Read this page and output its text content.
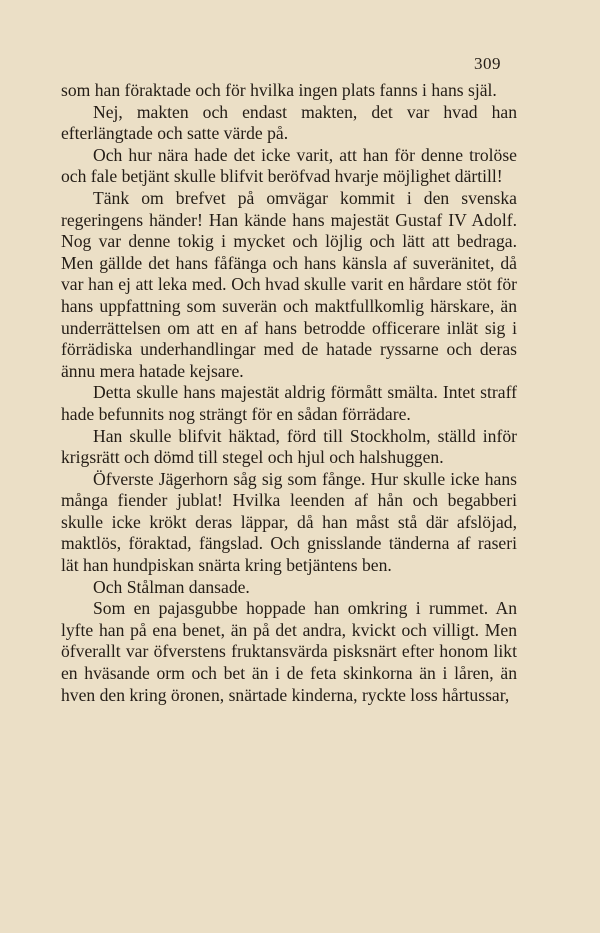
309

som han föraktade och för hvilka ingen plats fanns i hans själ.

Nej, makten och endast makten, det var hvad han efterlängtade och satte värde på.

Och hur nära hade det icke varit, att han för denne trolöse och fale betjänt skulle blifvit beröfvad hvarje möjlighet därtill!

Tänk om brefvet på omvägar kommit i den svenska regeringens händer! Han kände hans majestät Gustaf IV Adolf. Nog var denne tokig i mycket och löjlig och lätt att bedraga. Men gällde det hans fåfänga och hans känsla af suveränitet, då var han ej att leka med. Och hvad skulle varit en hårdare stöt för hans uppfattning som suverän och maktfullkomlig härskare, än underrättelsen om att en af hans betrodde officerare inlät sig i förrädiska underhandlingar med de hatade ryssarne och deras ännu mera hatade kejsare.

Detta skulle hans majestät aldrig förmått smälta. Intet straff hade befunnits nog strängt för en sådan förrädare.

Han skulle blifvit häktad, förd till Stockholm, ställd inför krigsrätt och dömd till stegel och hjul och halshuggen.

Öfverste Jägerhorn såg sig som fånge. Hur skulle icke hans många fiender jublat! Hvilka leenden af hån och begabberi skulle icke krökt deras läppar, då han måst stå där afslöjad, maktlös, föraktad, fängslad. Och gnisslande tänderna af raseri lät han hundpiskan snärta kring betjäntens ben.

Och Stålman dansade.

Som en pajasgubbe hoppade han omkring i rummet. An lyfte han på ena benet, än på det andra, kvickt och villigt. Men öfverallt var öfverstens fruktansvärda pisksnärt efter honom likt en hväsande orm och bet än i de feta skinkorna än i låren, än hven den kring öronen, snärtade kinderna, ryckte loss hårtussar,
